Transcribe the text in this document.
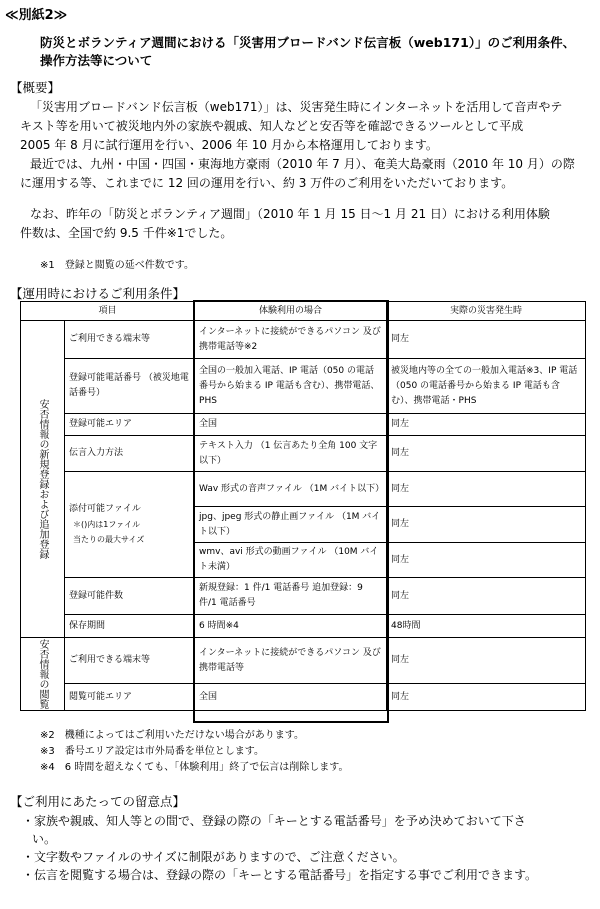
≪別紙2≫
防災とボランティア週間における「災害用ブロードバンド伝言板（web171）」のご利用条件、
操作方法等について
【概要】
「災害用ブロードバンド伝言板（web171）」は、災害発生時にインターネットを活用して音声やテ
キスト等を用いて被災地内外の家族や親戚、知人などと安否等を確認できるツールとして平成
2005 年 8 月に試行運用を行い、2006 年 10 月から本格運用しております。
最近では、九州・中国・四国・東海地方豪雨（2010 年 7 月）、奄美大島豪雨（2010 年 10 月）の際
に運用する等、これまでに 12 回の運用を行い、約 3 万件のご利用をいただいております。
なお、昨年の「防災とボランティア週間」（2010 年 1 月 15 日～1 月 21 日）における利用体験
件数は、全国で約 9.5 千件※1でした。
※1　登録と閲覧の延べ件数です。
【運用時におけるご利用条件】
項目		体験利用の場合	実際の災害発生時

安否情報の新規登録および追加登録	ご利用できる端末等	インターネットに接続ができるパソコン 及び携帯電話等※2	同左
	登録可能電話番号 （被災地電話番号）	全国の一般加入電話、IP 電話（050 の電話番号から始まる IP 電話も含む）、携帯電話、PHS	被災地内等の全ての一般加入電話※3、IP 電話（050 の電話番号から始まる IP 電話も含む）、携帯電話・PHS
	登録可能エリア	全国	同左
	伝言入力方法	テキスト入力 （1 伝言あたり全角 100 文字以下）	同左

	添付可能ファイル
＊()内は1ファイル
当たりの最大サイズ	Wav 形式の音声ファイル （1M バイト以下）	同左
		jpg、jpeg 形式の静止画ファイル （1M バイト以下）	同左
		wmv、avi 形式の動画ファイル （10M バイト未満）	同左
	登録可能件数	新規登録：1 件/1 電話番号 追加登録：9 件/1 電話番号	同左
	保存期間	6 時間※4	48時間

安否情報の閲覧	ご利用できる端末等	インターネットに接続ができるパソコン 及び携帯電話等	同左
	閲覧可能エリア	全国	同左
※2　機種によってはご利用いただけない場合があります。
※3　番号エリア設定は市外局番を単位とします。
※4　6 時間を超えなくても、「体験利用」終了で伝言は削除します。
【ご利用にあたっての留意点】
・家族や親戚、知人等との間で、登録の際の「キーとする電話番号」を予め決めておいて下さ
い。
・文字数やファイルのサイズに制限がありますので、ご注意ください。
・伝言を閲覧する場合は、登録の際の「キーとする電話番号」を指定する事でご利用できます。
